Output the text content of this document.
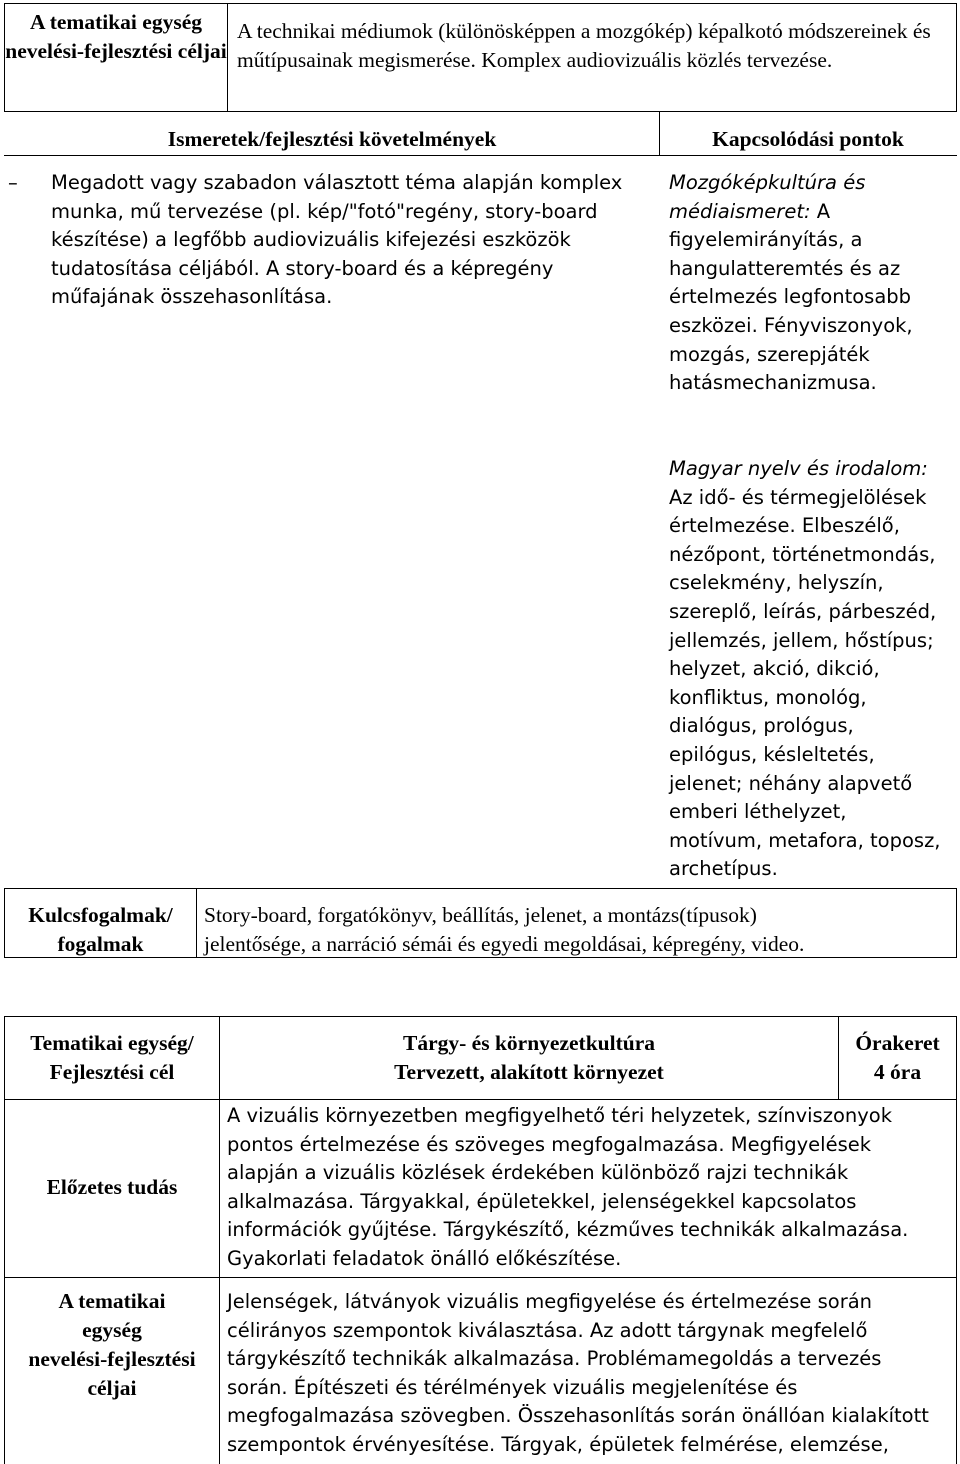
A tematikai egység nevelési-fejlesztési céljai
A technikai médiumok (különösképpen a mozgókép) képalkotó módszereinek és műtípusainak megismerése. Komplex audiovizuális közlés tervezése.
Ismeretek/fejlesztési követelmények	Kapcsolódási pontok
– Megadott vagy szabadon választott téma alapján komplex
munka, mű tervezése (pl. kép/"fotó"regény, story-board
készítése) a legfőbb audiovizuális kifejezési eszközök
tudatosítása céljából. A story-board és a képregény
műfajának összehasonlítása.
Mozgóképkultúra és
médiaismeret: A
figyelemirányítás, a
hangulatteremtés és az
értelmezés legfontosabb
eszközei. Fényviszonyok,
mozgás, szerepjáték
hatásmechanizmusa.
Magyar nyelv és irodalom:
Az idő- és térmegjelölések
értelmezése. Elbeszélő,
nézőpont, történetmondás,
cselekmény, helyszín,
szereplő, leírás, párbeszéd,
jellemzés, jellem, hőstípus;
helyzet, akció, dikció,
konfliktus, monológ,
dialógus, prológus,
epilógus, késleltetés,
jelenet; néhány alapvető
emberi léthelyzet,
motívum, metafora, toposz,
archetípus.
Kulcsfogalmak/
fogalmak
Story-board, forgatókönyv, beállítás, jelenet, a montázs(típusok)
jelentősége, a narráció sémái és egyedi megoldásai, képregény, video.
Tematikai egység/
Fejlesztési cél
Tárgy- és környezetkultúra
Tervezett, alakított környezet
Órakeret
4 óra
Előzetes tudás
A vizuális környezetben megfigyelhető téri helyzetek, színviszonyok
pontos értelmezése és szöveges megfogalmazása. Megfigyelések
alapján a vizuális közlések érdekében különböző rajzi technikák
alkalmazása. Tárgyakkal, épületekkel, jelenségekkel kapcsolatos
információk gyűjtése. Tárgykészítő, kézműves technikák alkalmazása.
Gyakorlati feladatok önálló előkészítése.
A tematikai
egység
nevelési-fejlesztési
céljai
Jelenségek, látványok vizuális megfigyelése és értelmezése során
célirányos szempontok kiválasztása. Az adott tárgynak megfelelő
tárgykészítő technikák alkalmazása. Problémamegoldás a tervezés
során. Építészeti és térélmények vizuális megjelenítése és
megfogalmazása szövegben. Összehasonlítás során önállóan kialakított
szempontok érvényesítése. Tárgyak, épületek felmérése, elemzése,
